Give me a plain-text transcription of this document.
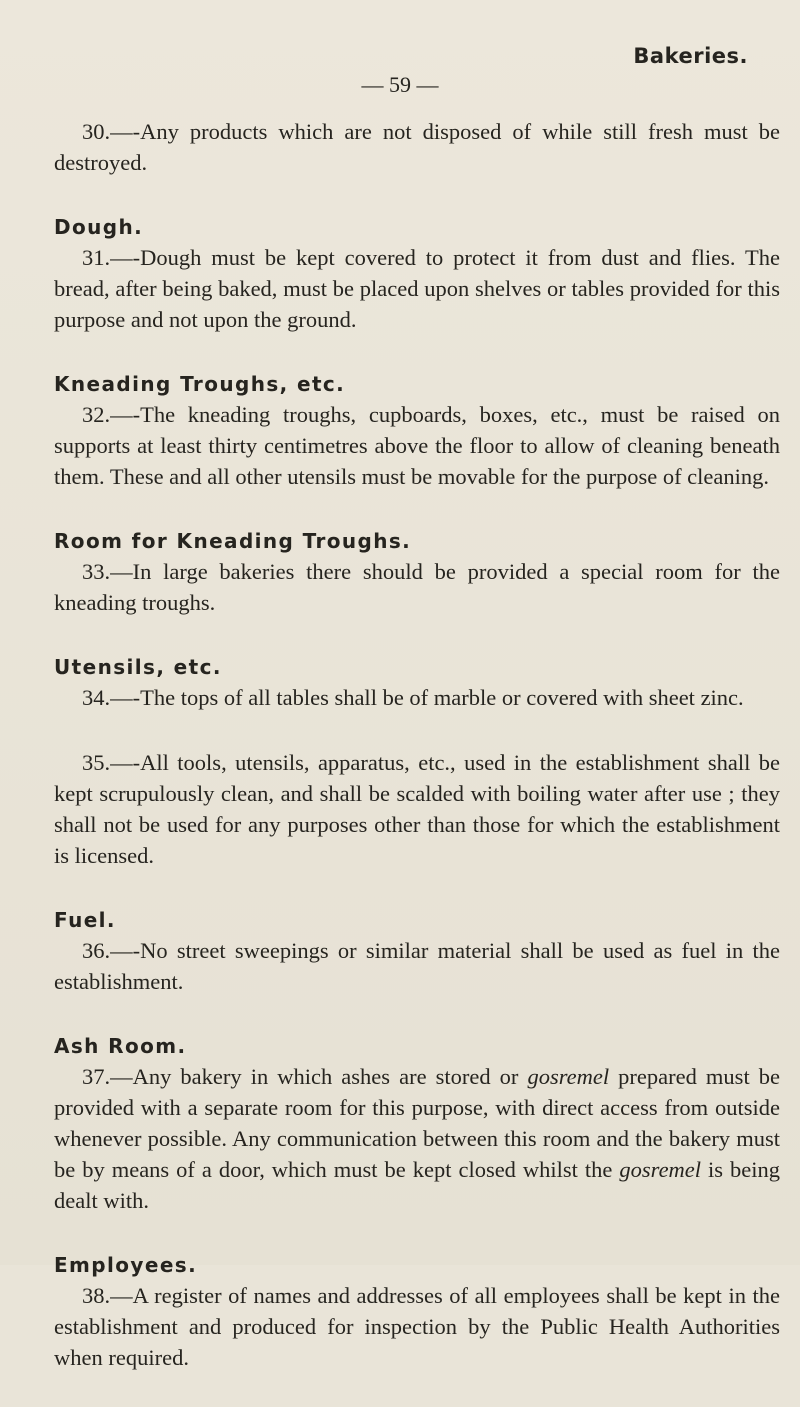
Bakeries.
— 59 —

30.—-Any products which are not disposed of while still fresh must be destroyed.

Dough.

31.—-Dough must be kept covered to protect it from dust and flies. The bread, after being baked, must be placed upon shelves or tables provided for this purpose and not upon the ground.

Kneading Troughs, etc.

32.—-The kneading troughs, cupboards, boxes, etc., must be raised on supports at least thirty centimetres above the floor to allow of cleaning beneath them. These and all other utensils must be movable for the purpose of cleaning.

Room for Kneading Troughs.

33.—In large bakeries there should be provided a special room for the kneading troughs.

Utensils, etc.

34.—-The tops of all tables shall be of marble or covered with sheet zinc.

35.—-All tools, utensils, apparatus, etc., used in the establishment shall be kept scrupulously clean, and shall be scalded with boiling water after use ; they shall not be used for any purposes other than those for which the establishment is licensed.

Fuel.

36.—-No street sweepings or similar material shall be used as fuel in the establishment.

Ash Room.

37.—Any bakery in which ashes are stored or gosremel prepared must be provided with a separate room for this purpose, with direct access from outside whenever possible. Any communication between this room and the bakery must be by means of a door, which must be kept closed whilst the gosremel is being dealt with.

Employees.

38.—A register of names and addresses of all employees shall be kept in the establishment and produced for inspection by the Public Health Authorities when required.
